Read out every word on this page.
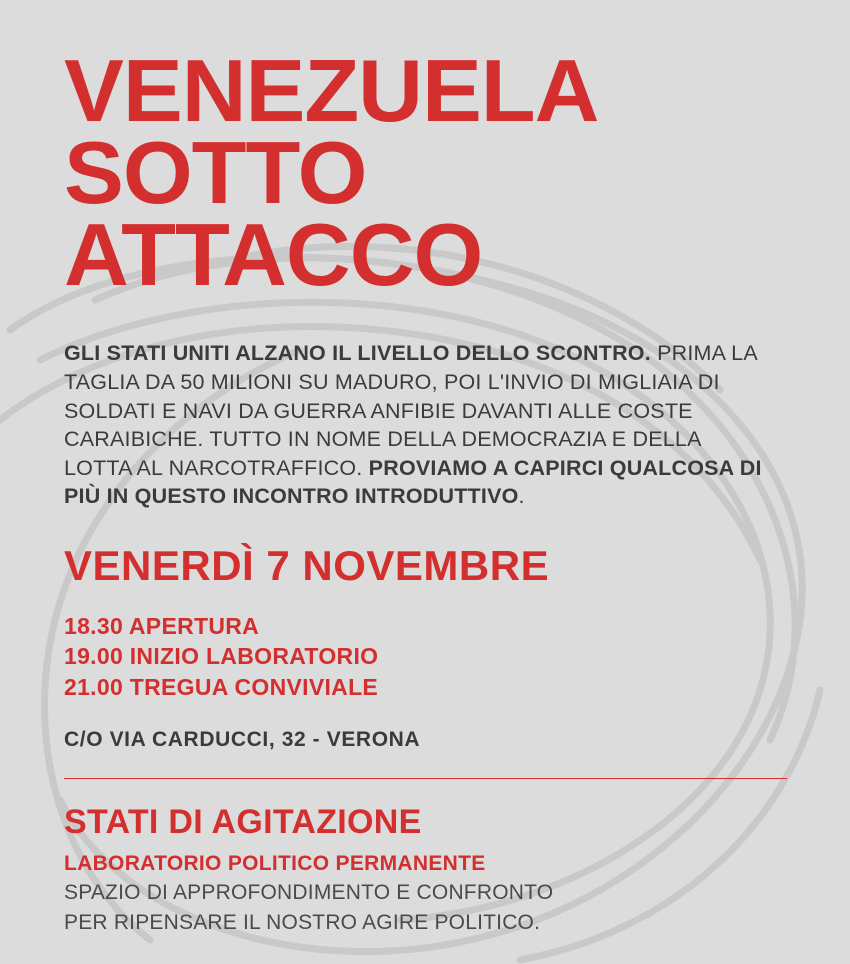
VENEZUELA
SOTTO
ATTACCO
GLI STATI UNITI ALZANO IL LIVELLO DELLO SCONTRO. PRIMA LA TAGLIA DA 50 MILIONI SU MADURO, POI L'INVIO DI MIGLIAIA DI SOLDATI E NAVI DA GUERRA ANFIBIE DAVANTI ALLE COSTE CARAIBICHE. TUTTO IN NOME DELLA DEMOCRAZIA E DELLA LOTTA AL NARCOTRAFFICO. PROVIAMO A CAPIRCI QUALCOSA DI PIÙ IN QUESTO INCONTRO INTRODUTTIVO.
VENERDÌ 7 NOVEMBRE
18.30 APERTURA
19.00 INIZIO LABORATORIO
21.00 TREGUA CONVIVIALE
C/O VIA CARDUCCI, 32 - VERONA
STATI DI AGITAZIONE
LABORATORIO POLITICO PERMANENTE
SPAZIO DI APPROFONDIMENTO E CONFRONTO
PER RIPENSARE IL NOSTRO AGIRE POLITICO.
